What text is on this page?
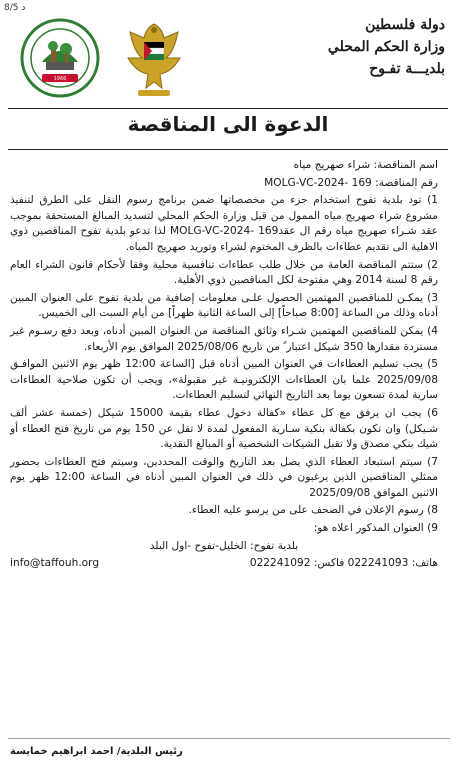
8/5 د
1966
دولة فلسطين
وزارة الحكم المحلي
بلديـــة تفـوح
الدعوة الى المناقصة

اسم المناقصة: شراء صهريج مياه

رقم المناقصة: 169 -MOLG-VC-2024

1) تود بلدية تفوح استخدام جزء من مخصصاتها ضمن برنامج رسوم النقل على الطرق لتنفيذ مشروع شراء صهريج مياه الممول من قبل وزارة الحكم المحلي لتسديد المبالغ المستحقة بموجب عقد شـراء صهريج مياه رقم ال عقد169 -MOLG-VC-2024 لذا تدعو بلدية تفوح المناقصين ذوي الاهلية الى تقديم عطاءات بالظرف المختوم لشراء وتوريد صهريج المياه.

2) ستتم المناقصة العامة من خلال طلب عطاءات تنافسية محلية وفقا لأحكام قانون الشراء العام رقم 8 لسنة 2014 وهي مفتوحة لكل المناقصين ذوي الأهلية.

3) يمكـن للمناقصين المهتمين الحصول علـى معلومات إضافية من بلدية تفوح على العنوان المبين أدناه وذلك من الساعة [8:00 صباحاً] إلى الساعة الثانية ظهراً] من أيام السبت الى الخميس.

4) يمكن للمناقصين المهتمين شـراء وثائق المناقصة من العنوان المبين أدناه، وبعد دفع رسـوم غير مستردة مقدارها 350 شيكل اعتبار ً من تاريخ 2025/08/06 الموافق يوم الأربعاء.

5) يجب تسليم العطاءات في العنوان المبين أدناه قبل [الساعة 12:00 ظهر يوم الاثنين الموافـق 2025/09/08 علما بان العطاءات الإلكترونيـة غير مقبولة»، ويجب أن تكون صلاحية العطاءات سارية لمدة تسعون يوما بعد التاريخ النهائي لتسليم العطاءات.

6) يجب ان يرفق مع كل عطاء «كفالة دخول عطاء بقيمة 15000 شيكل (خمسة عشر ألف شـيكل) وان تكون بكفالة بنكية سـارية المفعول لمدة لا تقل عن 150 يوم من تاريخ فتح العطاء أو شيك بنكي مصدق ولا تقبل الشيكات الشخصية أو المبالغ النقدية.

7) سيتم استبعاد العطاء الذي يصل بعد التاريخ والوقت المحددين، وسيتم فتح العطاءات بحضور ممثلي المناقصين الذين يرغبون في ذلك في العنوان المبين أدناه في الساعة 12:00 ظهر يوم الاثنين الموافق 2025/09/08

8) رسوم الإعلان في الصحف على من يرسو عليه العطاء.

9) العنوان المذكور اعلاه هو:

بلدية تفوح: الخليل-تفوح -اول البلد

هاتف: 022241093 فاكس: 022241092
info@taffouh.org

رئيس البلدية/ احمد ابراهيم خمايسة
